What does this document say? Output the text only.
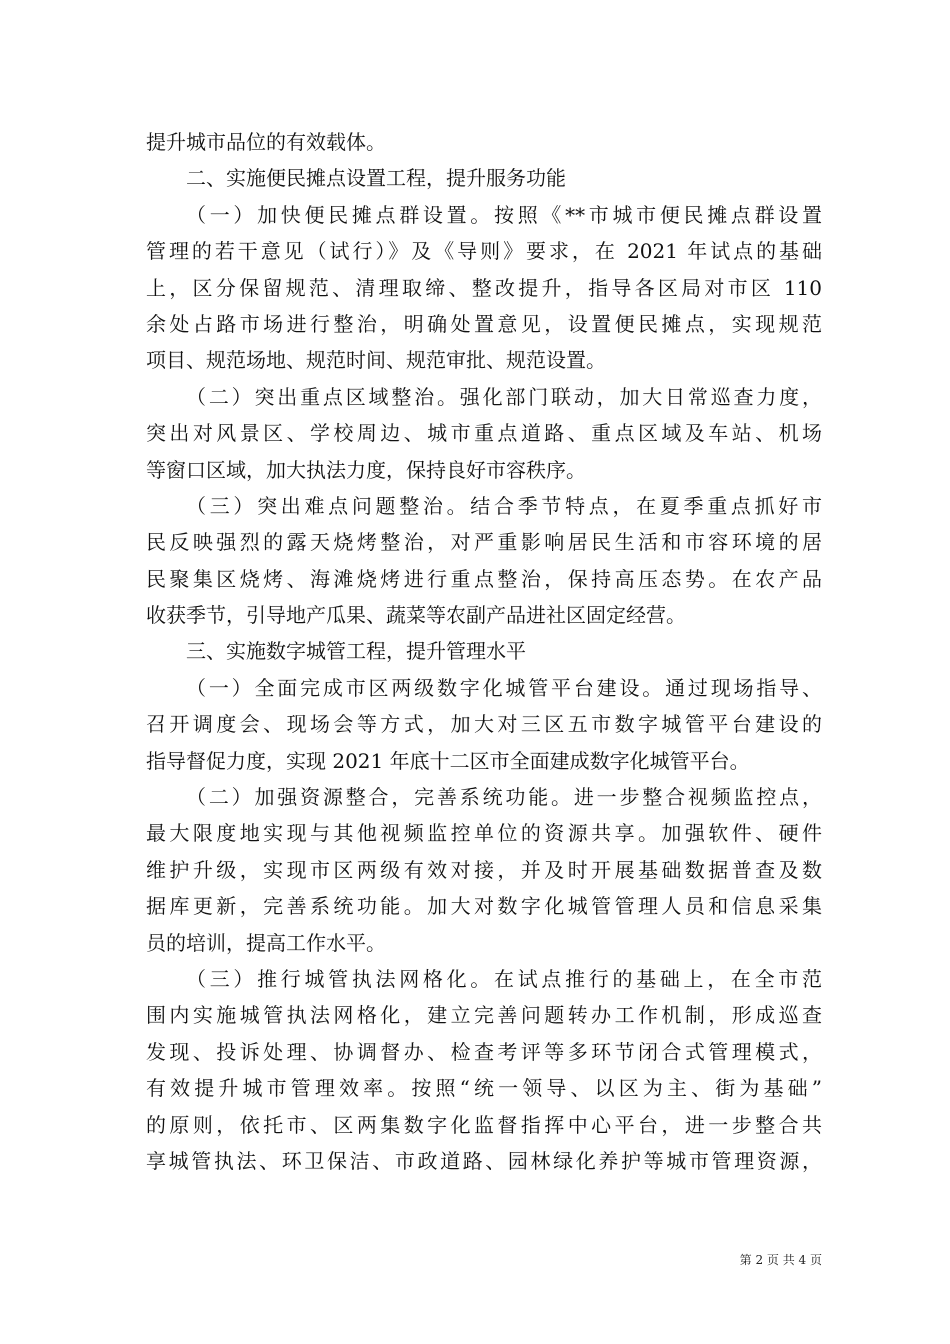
提升城市品位的有效载体。
二、实施便民摊点设置工程，提升服务功能
（一）加快便民摊点群设置。按照《**市城市便民摊点群设置
管理的若干意见（试行）》及《导则》要求，在 2021 年试点的基础
上，区分保留规范、清理取缔、整改提升，指导各区局对市区 110
余处占路市场进行整治，明确处置意见，设置便民摊点，实现规范
项目、规范场地、规范时间、规范审批、规范设置。
（二）突出重点区域整治。强化部门联动，加大日常巡查力度，
突出对风景区、学校周边、城市重点道路、重点区域及车站、机场
等窗口区域，加大执法力度，保持良好市容秩序。
（三）突出难点问题整治。结合季节特点，在夏季重点抓好市
民反映强烈的露天烧烤整治，对严重影响居民生活和市容环境的居
民聚集区烧烤、海滩烧烤进行重点整治，保持高压态势。在农产品
收获季节，引导地产瓜果、蔬菜等农副产品进社区固定经营。
三、实施数字城管工程，提升管理水平
（一）全面完成市区两级数字化城管平台建设。通过现场指导、
召开调度会、现场会等方式，加大对三区五市数字城管平台建设的
指导督促力度，实现 2021 年底十二区市全面建成数字化城管平台。
（二）加强资源整合，完善系统功能。进一步整合视频监控点，
最大限度地实现与其他视频监控单位的资源共享。加强软件、硬件
维护升级，实现市区两级有效对接，并及时开展基础数据普查及数
据库更新，完善系统功能。加大对数字化城管管理人员和信息采集
员的培训，提高工作水平。
（三）推行城管执法网格化。在试点推行的基础上，在全市范
围内实施城管执法网格化，建立完善问题转办工作机制，形成巡查
发现、投诉处理、协调督办、检查考评等多环节闭合式管理模式，
有效提升城市管理效率。按照“统一领导、以区为主、街为基础”
的原则，依托市、区两集数字化监督指挥中心平台，进一步整合共
享城管执法、环卫保洁、市政道路、园林绿化养护等城市管理资源，
第 2 页 共 4 页
